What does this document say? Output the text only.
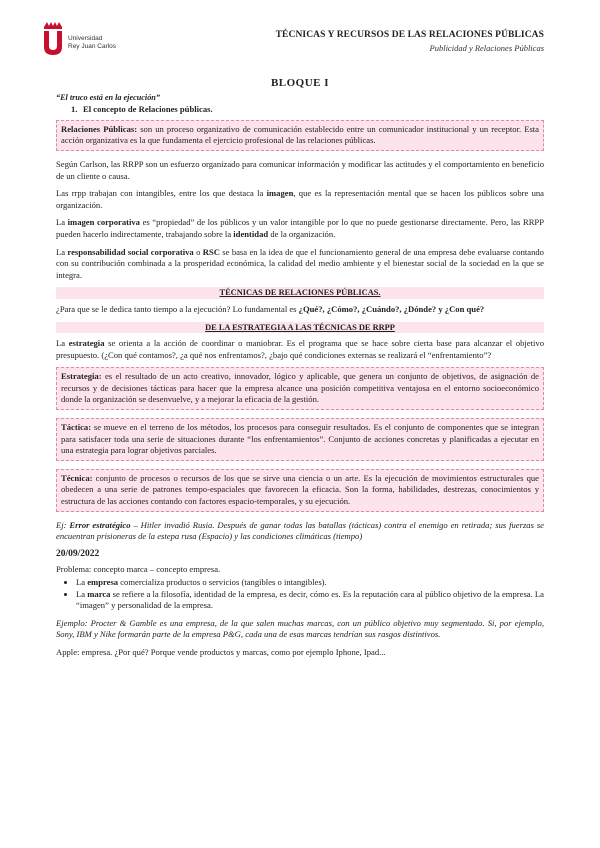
Universidad
Rey Juan Carlos
TÉCNICAS Y RECURSOS DE LAS RELACIONES PÚBLICAS
Publicidad y Relaciones Públicas
BLOQUE I
“El truco está en la ejecución”
1. El concepto de Relaciones públicas.

Relaciones Públicas: son un proceso organizativo de comunicación establecido entre un comunicador institucional y un receptor. Esta acción organizativa es la que fundamenta el ejercicio profesional de las relaciones públicas.

Según Carlson, las RRPP son un esfuerzo organizado para comunicar información y modificar las actitudes y el comportamiento en beneficio de un cliente o causa.

Las rrpp trabajan con intangibles, entre los que destaca la imagen, que es la representación mental que se hacen los públicos sobre una organización.

La imagen corporativa es “propiedad” de los públicos y un valor intangible por lo que no puede gestionarse directamente. Pero, las RRPP pueden hacerlo indirectamente, trabajando sobre la identidad de la organización.

La responsabilidad social corporativa o RSC se basa en la idea de que el funcionamiento general de una empresa debe evaluarse contando con su contribución combinada a la prosperidad económica, la calidad del medio ambiente y el bienestar social de la sociedad en la que se integra.

TÉCNICAS DE RELACIONES PÚBLICAS.

¿Para que se le dedica tanto tiempo a la ejecución? Lo fundamental es ¿Qué?, ¿Cómo?, ¿Cuándo?, ¿Dónde? y ¿Con qué?

DE LA ESTRATEGIA A LAS TÉCNICAS DE RRPP

La estrategia se orienta a la acción de coordinar o maniobrar. Es el programa que se hace sobre cierta base para alcanzar el objetivo presupuesto. (¿Con qué contamos?, ¿a qué nos enfrentamos?, ¿bajo qué condiciones externas se realizará el “enfrentamiento”?

Estrategia: es el resultado de un acto creativo, innovador, lógico y aplicable, que genera un conjunto de objetivos, de asignación de recursos y de decisiones tácticas para hacer que la empresa alcance una posición competitiva ventajosa en el entorno socioeconómico donde la organización se desenvuelve, y a mejorar la eficacia de la gestión.

Táctica: se mueve en el terreno de los métodos, los procesos para conseguir resultados. Es el conjunto de componentes que se integran para satisfacer toda una serie de situaciones durante “los enfrentamientos”. Conjunto de acciones concretas y planificadas a ejecutar en una estrategia para lograr objetivos parciales.

Técnica: conjunto de procesos o recursos de los que se sirve una ciencia o un arte. Es la ejecución de movimientos estructurales que obedecen a una serie de patrones tempo-espaciales que favorecen la eficacia. Son la forma, habilidades, destrezas, conocimientos y estructura de las acciones contando con factores espacio-temporales, y su ejecución.

Ej: Error estratégico – Hitler invadió Rusia. Después de ganar todas las batallas (tácticas) contra el enemigo en retirada; sus fuerzas se encuentran prisioneras de la estepa rusa (Espacio) y las condiciones climáticas (tiempo)

20/09/2022

Problema: concepto marca – concepto empresa.

• La empresa comercializa productos o servicios (tangibles o intangibles).
• La marca se refiere a la filosofía, identidad de la empresa, es decir, cómo es. Es la reputación cara al público objetivo de la empresa. La “imagen” y personalidad de la empresa.

Ejemplo: Procter & Gamble es una empresa, de la que salen muchas marcas, con un público objetivo muy segmentado. Si, por ejemplo, Sony, IBM y Nike formarán parte de la empresa P&G, cada una de esas marcas tendrían sus rasgos distintivos.

Apple: empresa. ¿Por qué? Porque vende productos y marcas, como por ejemplo Iphone, Ipad...
